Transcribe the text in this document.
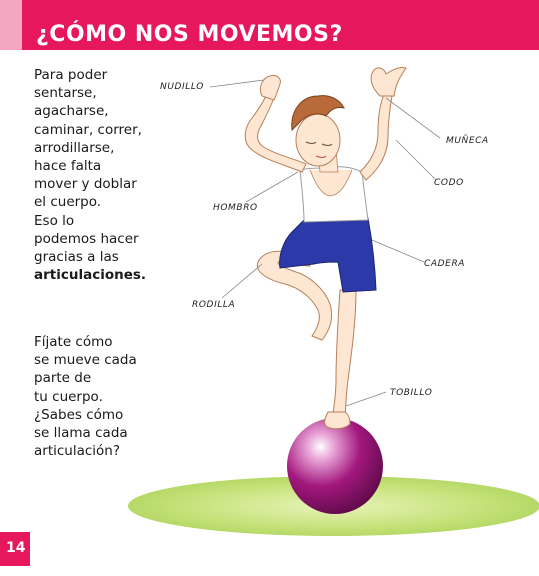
¿CÓMO NOS MOVEMOS?
NUDILLO
MUÑECA
CODO
HOMBRO
CADERA
RODILLA
TOBILLO
Para poder
sentarse,
agacharse,
caminar, correr,
arrodillarse,
hace falta
mover y doblar
el cuerpo.
Eso lo
podemos hacer
gracias a las
articulaciones.
Fíjate cómo
se mueve cada
parte de
tu cuerpo.
¿Sabes cómo
se llama cada
articulación?
14
